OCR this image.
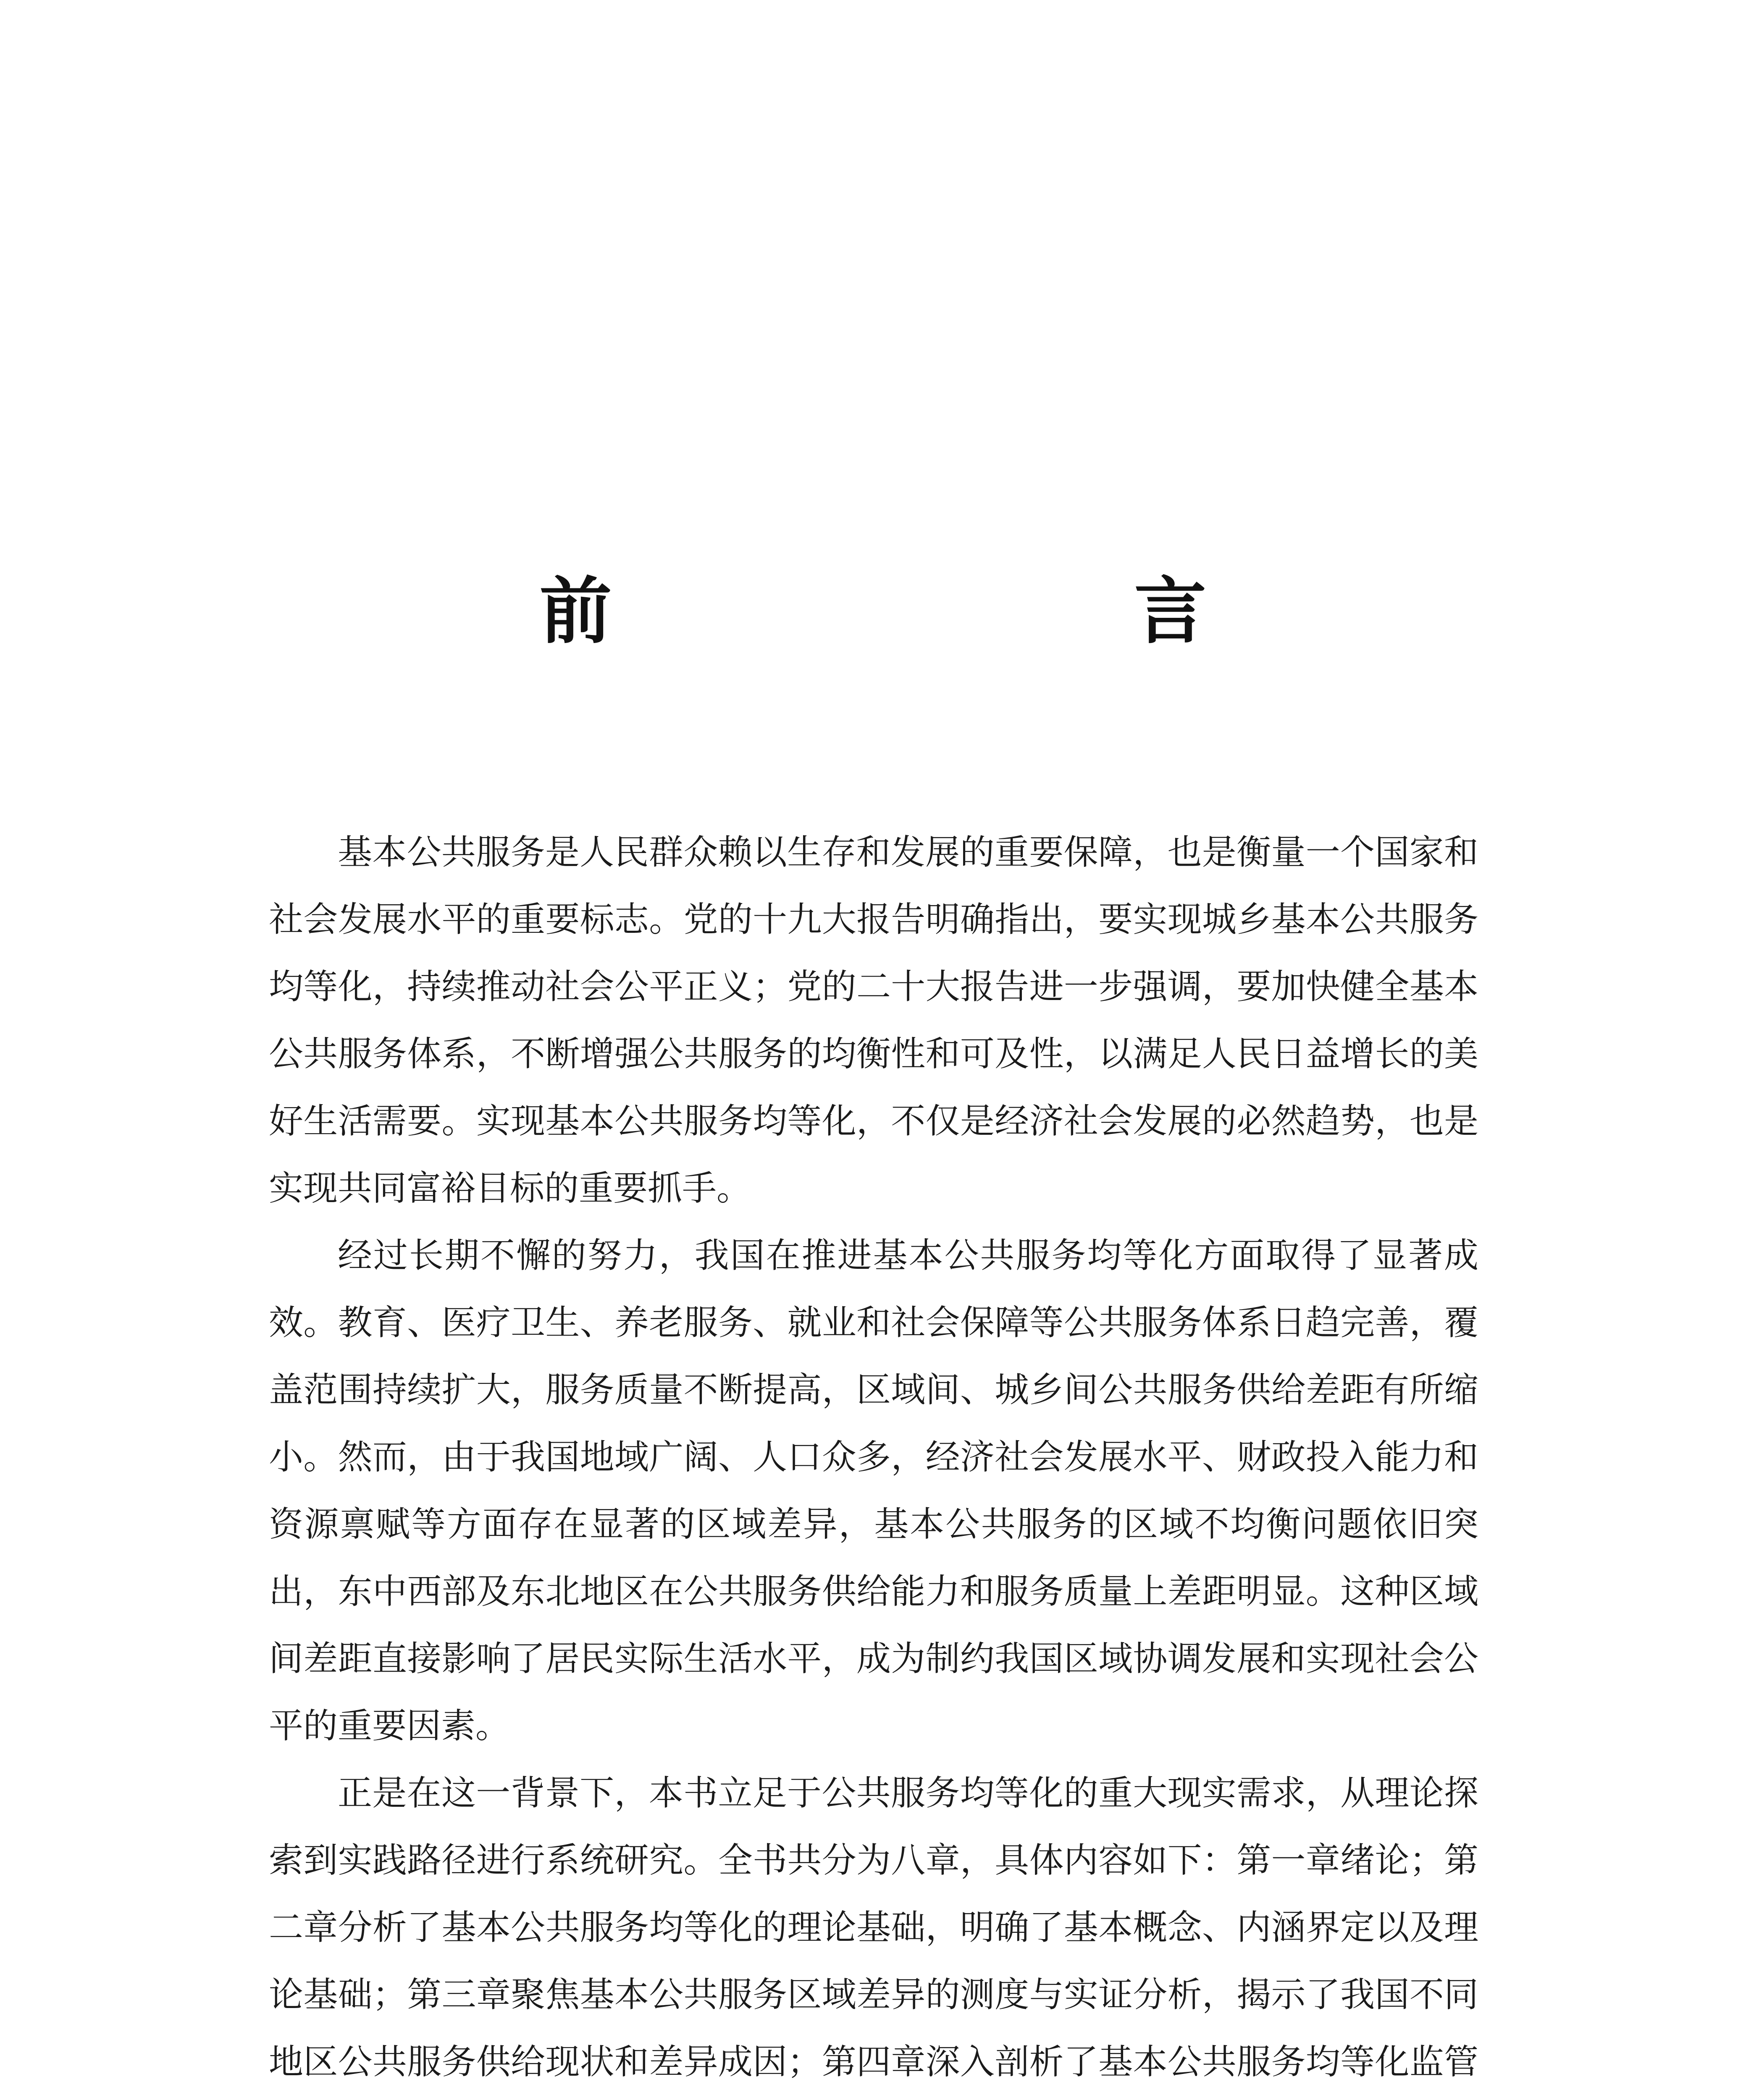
前　　言

基本公共服务是人民群众赖以生存和发展的重要保障，也是衡量一个国家和社会发展水平的重要标志。党的十九大报告明确指出，要实现城乡基本公共服务均等化，持续推动社会公平正义；党的二十大报告进一步强调，要加快健全基本公共服务体系，不断增强公共服务的均衡性和可及性，以满足人民日益增长的美好生活需要。实现基本公共服务均等化，不仅是经济社会发展的必然趋势，也是实现共同富裕目标的重要抓手。

经过长期不懈的努力，我国在推进基本公共服务均等化方面取得了显著成效。教育、医疗卫生、养老服务、就业和社会保障等公共服务体系日趋完善，覆盖范围持续扩大，服务质量不断提高，区域间、城乡间公共服务供给差距有所缩小。然而，由于我国地域广阔、人口众多，经济社会发展水平、财政投入能力和资源禀赋等方面存在显著的区域差异，基本公共服务的区域不均衡问题依旧突出，东中西部及东北地区在公共服务供给能力和服务质量上差距明显。这种区域间差距直接影响了居民实际生活水平，成为制约我国区域协调发展和实现社会公平的重要因素。

正是在这一背景下，本书立足于公共服务均等化的重大现实需求，从理论探索到实践路径进行系统研究。全书共分为八章，具体内容如下：第一章绪论；第二章分析了基本公共服务均等化的理论基础，明确了基本概念、内涵界定以及理论基础；第三章聚焦基本公共服务区域差异的测度与实证分析，揭示了我国不同地区公共服务供给现状和差异成因；第四章深入剖析了基本公共服务均等化监管
